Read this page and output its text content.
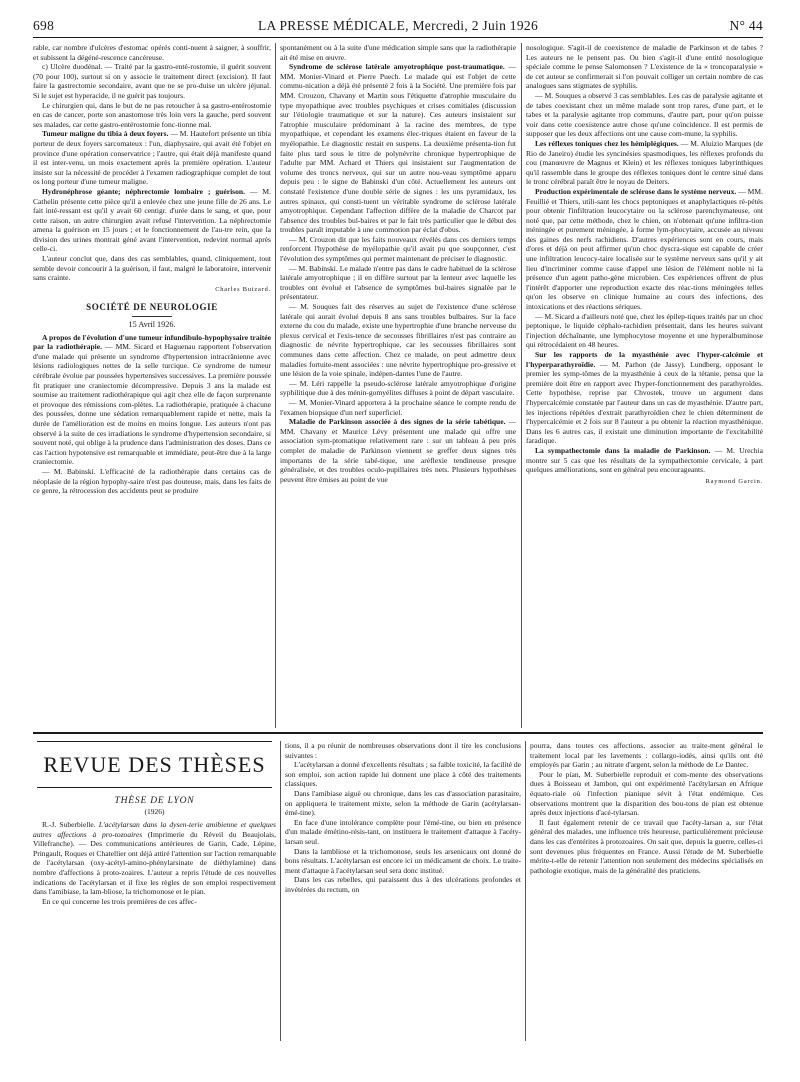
698	LA PRESSE MÉDICALE, Mercredi, 2 Juin 1926	N° 44

rable, car nombre d'ulcères d'estomac opérés conti-nuent à saigner, à souffrir, et subissent la dégéné-rescence cancéreuse.

c) Ulcère duodénal. — Traité par la gastro-enté-rostomie, il guérit souvent (70 pour 100), surtout si on y associe le traitement direct (excision). Il faut faire la gastrectomie secondaire, avant que ne se pro-duise un ulcère jéjunal. Si le sujet est hyperacide, il ne guérit pas toujours.

Le chirurgien qui, dans le but de ne pas retoucher à sa gastro-entérostomie en cas de cancer, porte son anastomose très loin vers la gauche, perd souvent ses malades, car cette gastro-entérostomie fonc-tionne mal.

Tumeur maligne du tibia à deux foyers. — M. Hautefort présente un tibia porteur de deux foyers sarcomateux : l'un, diaphysaire, qui avait été l'objet en province d'une opération conservatrice ; l'autre, qui était déjà manifeste quand il est inter-venu, un mois exactement après la première opération. L'auteur insiste sur la nécessité de procéder à l'examen radiographique complet de tout os long porteur d'une tumeur maligne.

Hydronéphrose géante; néphrectomie lombaire ; guérison. — M. Cathelin présente cette pièce qu'il a enlevée chez une jeune fille de 26 ans. Le fait inté-ressant est qu'il y avait 60 centigr. d'urée dans le sang, et que, pour cette raison, un autre chirurgien avait refusé l'intervention. La néphrectomie amena la guérison en 15 jours ; et le fonctionnement de l'au-tre rein, que la division des urines montrait géné avant l'intervention, redevint normal après celle-ci.

L'auteur conclut que, dans des cas semblables, quand, cliniquement, tout semble devoir concourir à la guérison, il faut, malgré le laboratoire, intervenir sans crainte.

Charles Buizard.

SOCIÉTÉ DE NEUROLOGIE
15 Avril 1926.

A propos de l'évolution d'une tumeur infundibulo-hypophysaire traitée par la radiothérapie. — MM. Sicard et Haguenau rapportent l'observation d'une malade qui présente un syndrome d'hypertension intracrânienne avec lésions radiologiques nettes de la selle turcique. Ce syndrome de tumeur cérébrale évolue par poussées hypertensives successives. La première poussée fit pratiquer une craniectomie décompressive. Depuis 3 ans la malade est soumise au traitement radiothérapique qui agit chez elle de façon surprenante et provoque des rémissions com-plètes. La radiothérapie, pratiquée à chacune des poussées, donne une sédation remarquablement rapide et nette, mais la durée de l'amélioration est de moins en moins longue. Les auteurs n'ont pas observé à la suite de ces irradiations le syndrome d'hypertension secondaire, si souvent noté, qui oblige à la prudence dans l'administration des doses. Dans ce cas l'action hypotensive est remarquable et immédiate, peut-être due à la large craniectomie.

— M. Babinski. L'efficacité de la radiothérapie dans certains cas de néoplasie de la région hypophy-saire n'est pas douteuse, mais, dans les faits de ce genre, la rétrocession des accidents peut se produire

spontanément ou à la suite d'une médication simple sans que la radiothérapie ait été mise en œuvre.

Syndrome de sclérose latérale amyotrophique post-traumatique. — MM. Monier-Vinard et Pierre Puech. Le malade qui est l'objet de cette commu-nication a déjà été présenté 2 fois à la Société. Une première fois par MM. Crouzon, Chavany et Martin sous l'étiquette d'atrophie musculaire du type myopathique avec troubles psychiques et crises comitiales (discussion sur l'étiologie traumatique et sur la nature). Ces auteurs insistaient sur l'atrophie musculaire prédominant à la racine des membres, de type myopathique, et cependant les examens élec-triques étaient en faveur de la myélopathie. Le diagnostic restait en suspens. La deuxième présenta-tion fut faite plus tard sous le titre de polynévrite chronique hypertrophique de l'adulte par MM. Achard et Thiers qui insistaient sur l'augmentation de volume des troncs nerveux, qui sur un autre nou-veau symptôme apparu depuis peu : le signe de Babinski d'un côté. Actuellement les auteurs ont constaté l'existence d'une double série de signes : les uns pyramidaux, les autres spinaux, qui consti-tuent un véritable syndrome de sclérose latérale amyotrophique. Cependant l'affection diffère de la maladie de Charcot par l'absence des troubles bul-baires et par le fait très particulier que le début des troubles paraît imputable à une commotion par éclat d'obus.

— M. Crouzon dit que les faits nouveaux révélés dans ces derniers temps renforcent l'hypothèse de myélopathie qu'il avait pu que soupçonner, c'est l'évolution des symptômes qui permet maintenant de préciser le diagnostic.

— M. Babinski. Le malade n'entre pas dans le cadre habituel de la sclérose latérale amyotrophique ; il en diffère surtout par la lenteur avec laquelle les troubles ont évolué et l'absence de symptômes bul-baires signalée par le présentateur.

— M. Souques fait des réserves au sujet de l'existence d'une sclérose latérale qui aurait évolué depuis 8 ans sans troubles bulbaires. Sur la face externe du cou du malade, existe une hypertrophie d'une branche nerveuse du plexus cervical et l'exis-tence de secousses fibrillaires n'est pas contraire au diagnostic de névrite hypertrophique, car les secousses fibrillaires sont communes dans cette affection. Chez ce malade, on peut admettre deux maladies fortuite-ment associées : une névrite hypertrophique pro-gressive et une lésion de la voie spinale, indépen-dantes l'une de l'autre.

— M. Léri rappelle la pseudo-sclérose latérale amyotrophique d'origine syphilitique due à des ménin-gomyélites diffuses à point de départ vasculaire.

— M. Monier-Vinard apportera à la prochaine séance le compte rendu de l'examen biopsique d'un nerf superficiel.

Maladie de Parkinson associée à des signes de la série tabétique. — MM. Chavany et Maurice Lévy présentent une malade qui offre une association sym-ptomatique relativement rare : sur un tableau à peu près complet de maladie de Parkinson viennent se greffer deux signes très importants de la série tabé-tique, une aréflexie tendineuse presque généralisée, et des troubles oculo-pupillaires très nets. Plusieurs hypothèses peuvent être émises au point de vue

nosologique. S'agit-il de coexistence de maladie de Parkinson et de tabes ? Les auteurs ne le pensent pas. Ou bien s'agit-il d'une entité nosologique spéciale comme le pense Salomonsen ? L'existence de la « troncoparalysie » de cet auteur se confirmerait si l'on pouvait colliger un certain nombre de cas analogues sans stigmates de syphilis.

— M. Souques a observé 3 cas semblables. Les cas de paralysie agitante et de tabes coexistant chez un même malade sont trop rares, d'une part, et le tabes et la paralysie agitante trop communs, d'autre part, pour qu'on puisse voir dans cette coexistence autre chose qu'une coïncidence. Il est permis de supposer que les deux affections ont une cause com-mune, la syphilis.

Les réflexes toniques chez les hémiplégiques. — M. Aluizio Marques (de Rio de Janeiro) étudie les syncinésies spasmodiques, les réflexes profonds du cou (manœuvre de Magnus et Klein) et les réflexes toniques labyrinthiques qu'il rassemble dans le groupe des réflexes toniques dont le centre situé dans le tronc cérébral paraît être le noyau de Deiters.

Production expérimentale de sclérose dans le système nerveux. — MM. Feuillié et Thiers, utili-sant les chocs peptoniques et anaphylactiques ré-pétés pour obtenir l'infiltration leucocytaire ou la sclérose parenchymateuse, ont noté que, par cette méthode, chez le chien, on n'obtenait qu'une infiltra-tion méningée et purement méningée, à forme lym-phocytaire, accusée au niveau des gaines des nerfs rachidiens. D'autres expériences sont en cours, mais d'ores et déjà on peut affirmer qu'un choc dyscra-sique est capable de créer une infiltration leucocy-taire localisée sur le système nerveux sans qu'il y ait lieu d'incriminer comme cause d'appel une lésion de l'élément noble ni la présence d'un agent patho-gène microbien. Ces expériences offrent de plus l'intérêt d'apporter une reproduction exacte des réac-tions méningées telles qu'on les observe en clinique humaine au cours des infections, des intoxications et des réactions sériques.

— M. Sicard a d'ailleurs noté que, chez les épilep-tiques traités par un choc peptonique, le liquide céphalo-rachidien présentait, dans les heures suivant l'injection déchaînante, une lymphocytose moyenne et une hyperalbuminose qui rétrocédaient en 48 heures.

Sur les rapports de la myasthénie avec l'hyper-calcémie et l'hyperparathyroïdie. — M. Parhon (de Jassy). Lundberg, opposant le premier les symp-tômes de la myasthénie à ceux de la tétanie, pensa que la première doit être en rapport avec l'hyper-fonctionnement des parathyroïdes. Cette hypothèse, reprise par Chvostek, trouve un argument dans l'hypercalcémie constatée par l'auteur dans un cas de myasthénie. D'autre part, les injections répétées d'extrait parathyroïdien chez le chien déterminent de l'hypercalcémie et 2 fois sur 8 l'auteur a pu obtenir la réaction myasthénique. Dans les 6 autres cas, il existait une diminution importante de l'excitabilité faradique.

La sympathectomie dans la maladie de Parkinson. — M. Urechia montre sur 5 cas que les résultats de la sympathectomie cervicale, à part quelques améliorations, sont en général peu encourageants.

Raymond Garcin.

REVUE DES THÈSES
THÈSE DE LYON
(1926)

R.-J. Suberbielle. L'acétylarsan dans la dysen-terie amibienne et quelques autres affections à pro-tozoaires (Imprimerie du Réveil du Beaujolais, Villefranche). — Des communications antérieures de Garin, Cade, Lépine, Pringault, Roques et Chatellier ont déjà attiré l'attention sur l'action remarquable de l'acétylarsan (oxy-acétyl-amino-phénylarsinate de diéthylamine) dans nombre d'affections à proto-zoaires. L'auteur a repris l'étude de ces nouvelles indications de l'acétylarsan et il fixe les règles de son emploi respectivement dans l'amibiase, la lam-bliose, la trichomonose et le pian.

En ce qui concerne les trois premières de ces affec-

tions, il a pu réunir de nombreuses observations dont il tire les conclusions suivantes :

L'acétylarsan a donné d'excellents résultats ; sa faible toxicité, la facilité de son emploi, son action rapide lui donnent une place à côté des traitements classiques.

Dans l'amibiase aiguë ou chronique, dans les cas d'association parasitaire, on appliquera le traitement mixte, selon la méthode de Garin (acétylarsan-émé-tine).

En face d'une intolérance complète pour l'émé-tine, ou bien en présence d'un malade émétino-résis-tant, on instituera le traitement d'attaque à l'acéty-larsan seul.

Dans la lambliose et la trichomonose, seuls les arsenicaux ont donné de bons résultats. L'acétylarsan est encore ici un médicament de choix. Le traite-ment d'attaque à l'acétylarsan seul sera donc institué.

Dans les cas rebelles, qui paraissent dus à des ulcérations profondes et invétérées du rectum, on

pourra, dans toutes ces affections, associer au traite-ment général le traitement local par les lavements : collargo-iodés, ainsi qu'ils ont été employés par Garin ; au nitrate d'argent, selon la méthode de Le Dantec.

Pour le pian, M. Suberbielle reproduit et com-mente des observations dues à Boisseau et Jambon, qui ont expérimenté l'acétylarsan en Afrique équato-riale où l'infection pianique sévit à l'état endémique. Ces observations montrent que la disparition des bou-tons de pian est obtenue après deux injections d'acé-tylarsan.

Il faut également retenir de ce travail que l'acéty-larsan a, sur l'état général des malades, une influence très heureuse, particulièrement précieuse dans les cas d'entérites à protozoaires. On sait que, depuis la guerre, celles-ci sont devenues plus fréquentes en France. Aussi l'étude de M. Suberbielle mérite-t-elle de retenir l'attention non seulement des médecins spécialisés en pathologie exotique, mais de la généralité des praticiens.
